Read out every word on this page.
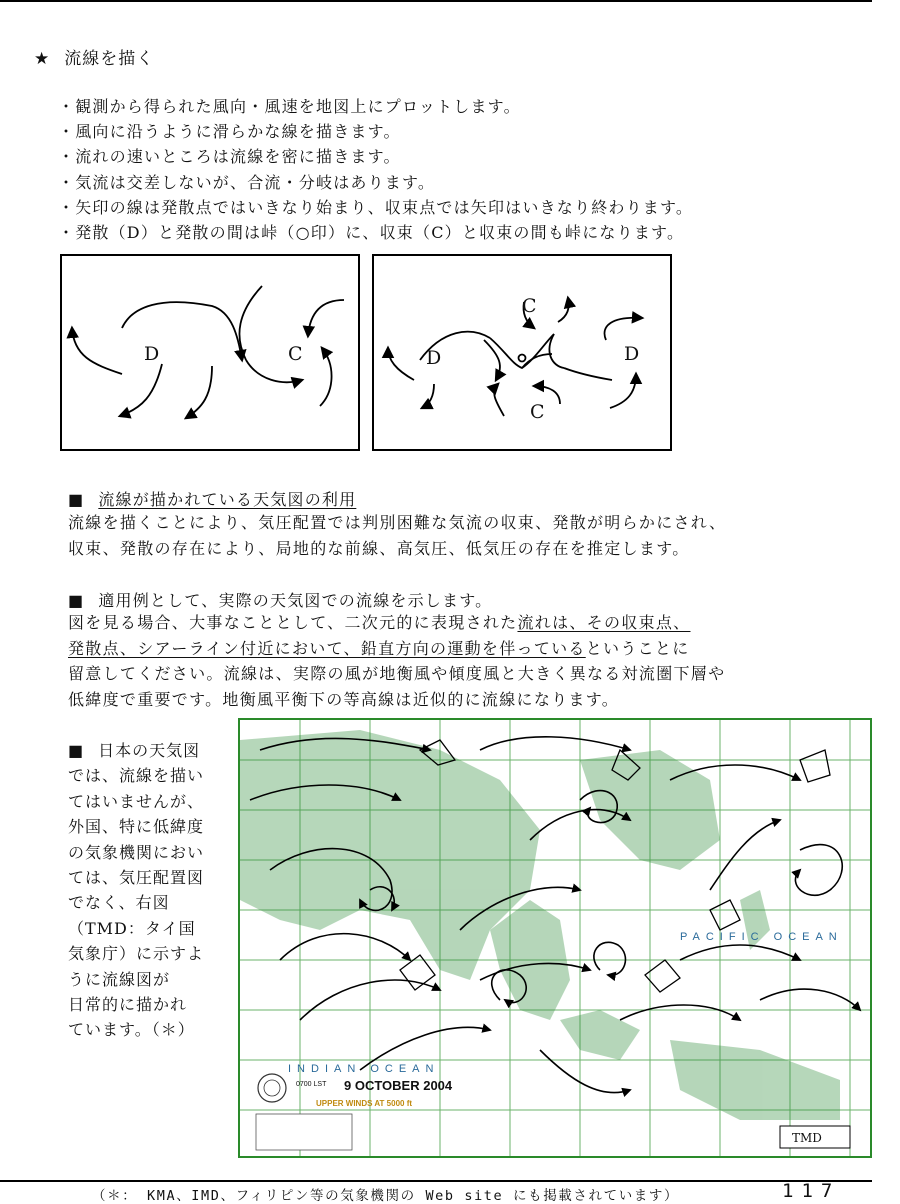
★ 流線を描く
・観測から得られた風向・風速を地図上にプロットします。
・風向に沿うように滑らかな線を描きます。
・流れの速いところは流線を密に描きます。
・気流は交差しないが、合流・分岐はあります。
・矢印の線は発散点ではいきなり始まり、収束点では矢印はいきなり終わります。
・発散（D）と発散の間は峠（○印）に、収束（C）と収束の間も峠になります。
D	C	D	D
C
C
■ 流線が描かれている天気図の利用
流線を描くことにより、気圧配置では判別困難な気流の収束、発散が明らかにされ、
収束、発散の存在により、局地的な前線、高気圧、低気圧の存在を推定します。
■ 適用例として、実際の天気図での流線を示します。
図を見る場合、大事なこととして、二次元的に表現された流れは、その収束点、
発散点、シアーライン付近において、鉛直方向の運動を伴っているということに
留意してください。流線は、実際の風が地衡風や傾度風と大きく異なる対流圏下層や
低緯度で重要です。地衡風平衡下の等高線は近似的に流線になります。
■ 日本の天気図
では、流線を描い
てはいませんが、
外国、特に低緯度
の気象機関におい
ては、気圧配置図
でなく、右図
（TMD：タイ国
気象庁）に示すよ
うに流線図が
日常的に描かれ
ています。（＊）
PACIFIC OCEAN
INDIAN OCEAN
0700 LST 9 OCTOBER 2004
UPPER WINDS AT 5000 ft
TMD
（＊： KMA、IMD、フィリピン等の気象機関の Web site にも掲載されています）	117
